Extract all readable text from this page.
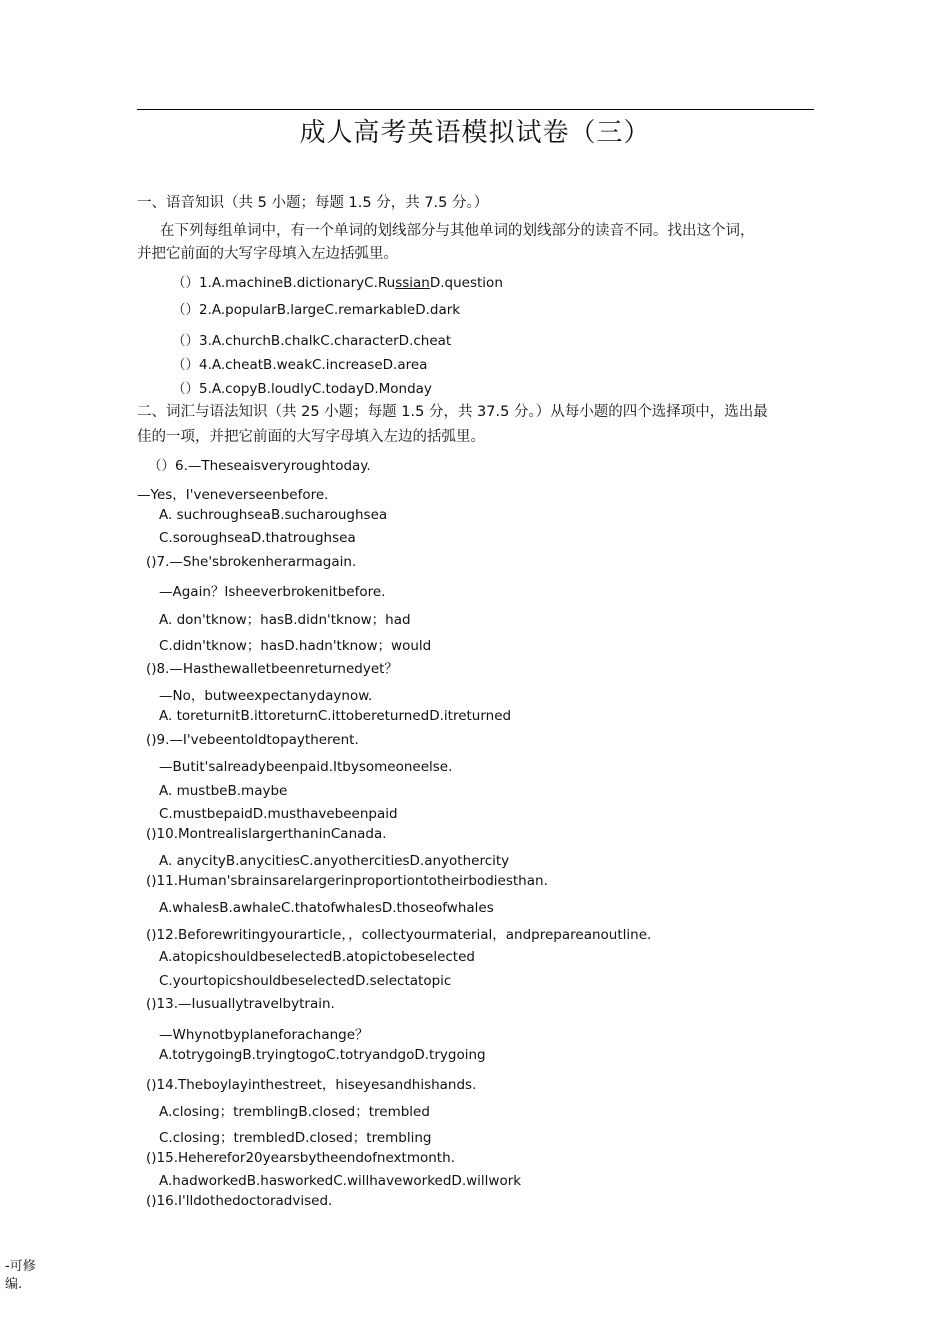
成人高考英语模拟试卷（三）
一、语音知识（共 5 小题；每题 1.5 分，共 7.5 分。）
在下列每组单词中，有一个单词的划线部分与其他单词的划线部分的读音不同。找出这个词，
并把它前面的大写字母填入左边括弧里。
（）1.A.machineB.dictionaryC.RussianD.question
（）2.A.popularB.largeC.remarkableD.dark
（）3.A.churchB.chalkC.characterD.cheat
（）4.A.cheatB.weakC.increaseD.area
（）5.A.copyB.loudlyC.todayD.Monday
二、词汇与语法知识（共 25 小题；每题 1.5 分，共 37.5 分。）从每小题的四个选择项中，选出最
佳的一项，并把它前面的大写字母填入左边的括弧里。
（）6.—Theseaisveryroughtoday.
—Yes，I'veneverseenbefore.
A. suchroughseaB.sucharoughsea
C.soroughseaD.thatroughsea
()7.—She'sbrokenherarmagain.
—Again？Isheeverbrokenitbefore.
A. don'tknow；hasB.didn'tknow；had
C.didn'tknow；hasD.hadn'tknow；would
()8.—Hasthewalletbeenreturnedyet？
—No，butweexpectanydaynow.
A. toreturnitB.ittoreturnC.ittobereturnedD.itreturned
()9.—I'vebeentoldtopaytherent.
—Butit'salreadybeenpaid.Itbysomeoneelse.
A. mustbeB.maybe
C.mustbepaidD.musthavebeenpaid
()10.MontrealislargerthaninCanada.
A. anycityB.anycitiesC.anyothercitiesD.anyothercity
()11.Human'sbrainsarelargerinproportiontotheirbodiesthan.
A.whalesB.awhaleC.thatofwhalesD.thoseofwhales
()12.Beforewritingyourarticle，，collectyourmaterial，andprepareanoutline.
A.atopicshouldbeselectedB.atopictobeselected
C.yourtopicshouldbeselectedD.selectatopic
()13.—Iusuallytravelbytrain.
—Whynotbyplaneforachange？
A.totrygoingB.tryingtogoC.totryandgoD.trygoing
()14.Theboylayinthestreet，hiseyesandhishands.
A.closing；tremblingB.closed；trembled
C.closing；trembledD.closed；trembling
()15.Heherefor20yearsbytheendofnextmonth.
A.hadworkedB.hasworkedC.willhaveworkedD.willwork
()16.I'lldothedoctoradvised.
-可修
编.
